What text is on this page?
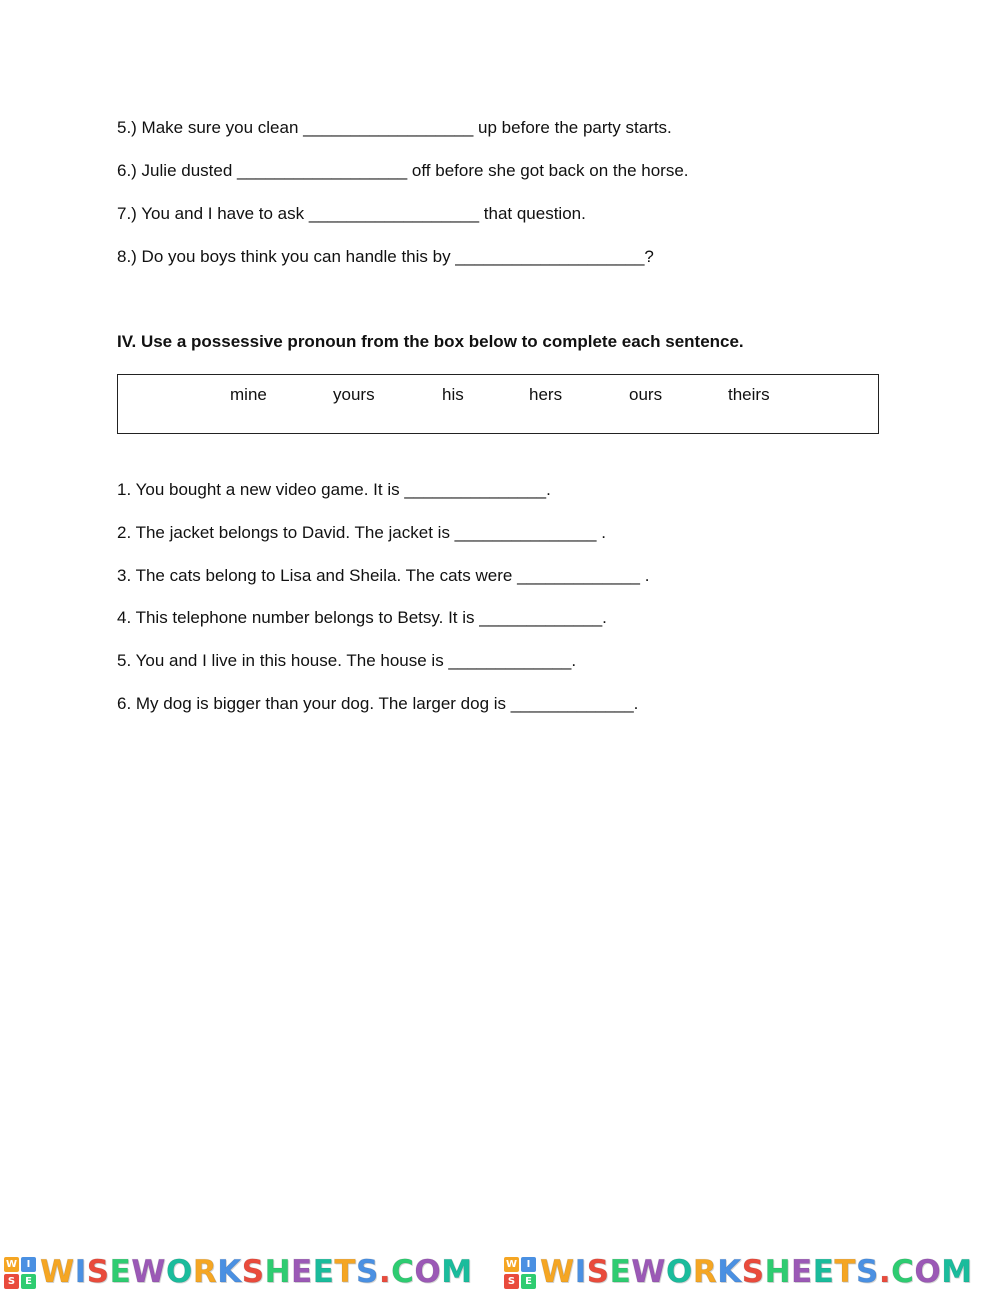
5.) Make sure you clean __________________ up before the party starts.
6.) Julie dusted __________________ off before she got back on the horse.
7.) You and I have to ask __________________ that question.
8.) Do you boys think you can handle this by ____________________?
IV. Use a possessive pronoun from the box below to complete each sentence.
mine	yours	his	hers	ours	theirs
1. You bought a new video game. It is _______________.
2. The jacket belongs to David. The jacket is _______________ .
3. The cats belong to Lisa and Sheila. The cats were _____________ .
4. This telephone number belongs to Betsy. It is _____________.
5. You and I live in this house. The house is _____________.
6. My dog is bigger than your dog. The larger dog is _____________.
W I
S E WISEWORKSHEETS.COM	W I
S E WISEWORKSHEETS.COM
